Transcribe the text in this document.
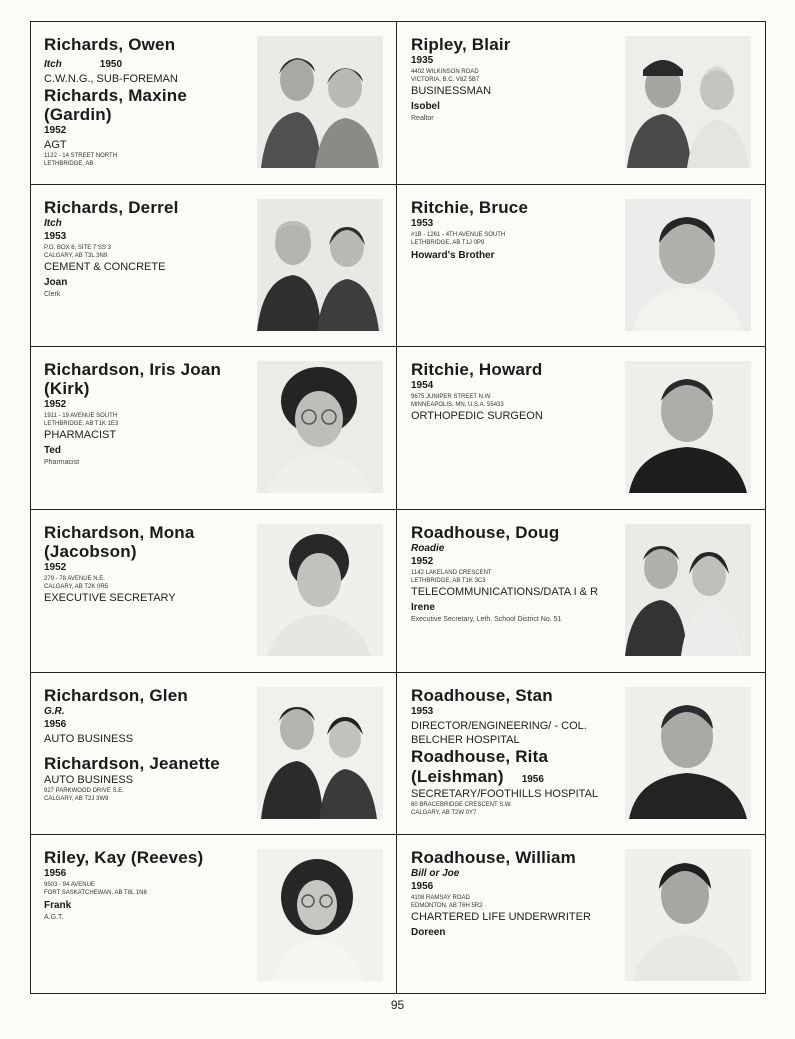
Richards, Owen
Itch	1950
C.W.N.G., SUB-FOREMAN
Richards, Maxine (Gardin)
1952
AGT
1122 - 14 STREET NORTH
LETHBRIDGE, AB
Ripley, Blair
1935
4402 WILKINSON ROAD
VICTORIA, B.C. V8Z 5B7
BUSINESSMAN
Isobel
Realtor
Richards, Derrel
Itch
1953
P.O. BOX 6, SITE 7 SS 3
CALGARY, AB T3L 3N9
CEMENT & CONCRETE
Joan
Clerk
Ritchie, Bruce
1953
#1B - 1261 - 4TH AVENUE SOUTH
LETHBRIDGE, AB T1J 0P9
Howard's Brother
Richardson, Iris Joan (Kirk)
1952
1911 - 19 AVENUE SOUTH
LETHBRIDGE, AB T1K 1E3
PHARMACIST
Ted
Pharmacist
Ritchie, Howard
1954
9675 JUNIPER STREET N.W.
MINNEAPOLIS, MN, U.S.A. 55433
ORTHOPEDIC SURGEON
Richardson, Mona (Jacobson)
1952
279 - 78 AVENUE N.E.
CALGARY, AB T2K 0R5
EXECUTIVE SECRETARY
Roadhouse, Doug
Roadie
1952
1142 LAKELAND CRESCENT
LETHBRIDGE, AB T1K 3C3
TELECOMMUNICATIONS/DATA I & R
Irene
Executive Secretary, Leth. School District No. 51
Richardson, Glen
G.R.
1956
AUTO BUSINESS
Richardson, Jeanette
AUTO BUSINESS
927 PARKWOOD DRIVE S.E.
CALGARY, AB T2J 3W9
Roadhouse, Stan
1953
DIRECTOR/ENGINEERING/ - COL. BELCHER HOSPITAL
Roadhouse, Rita (Leishman) 1956
SECRETARY/FOOTHILLS HOSPITAL
60 BRACEBRIDGE CRESCENT S.W.
CALGARY, AB T2W 0Y7
Riley, Kay (Reeves)
1956
9503 - 94 AVENUE
FORT SASKATCHEWAN, AB T8L 1N8
Frank
A.G.T.
Roadhouse, William
Bill or Joe
1956
4108 RAMSAY ROAD
EDMONTON, AB T6H 5R2
CHARTERED LIFE UNDERWRITER
Doreen
95
